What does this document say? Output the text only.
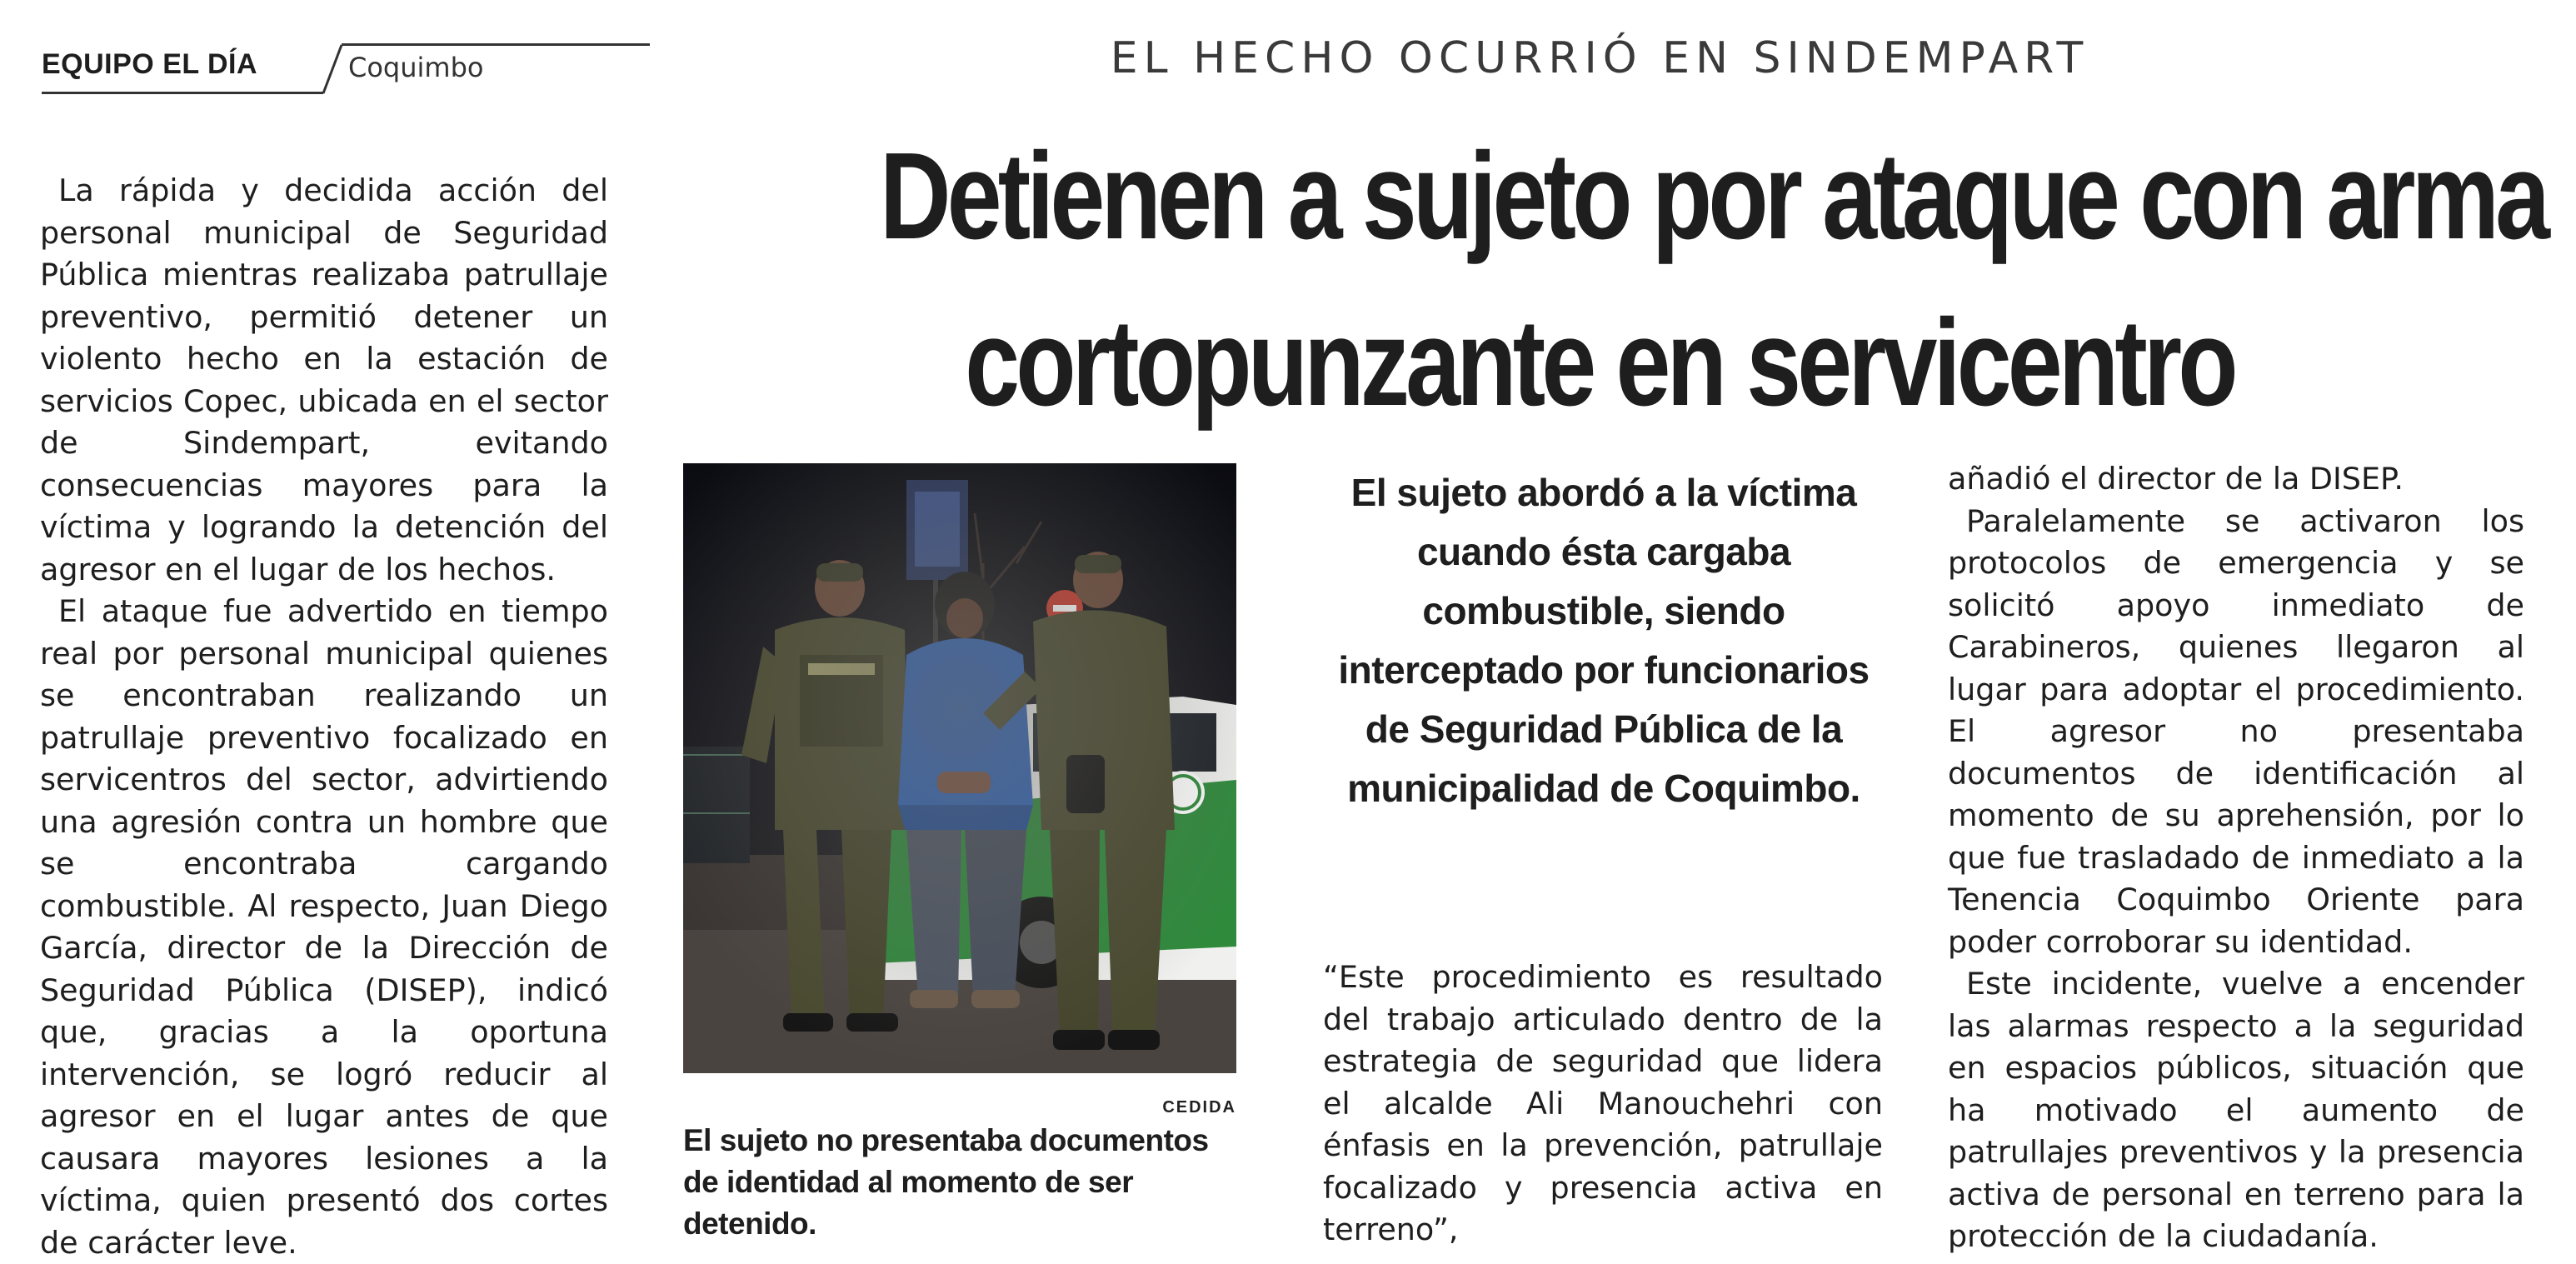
EQUIPO EL DÍA	Coquimbo	EL HECHO OCURRIÓ EN SINDEMPART
Detienen a sujeto por ataque con arma
cortopunzante en servicentro

La rápida y decidida acción del personal municipal de Seguridad Pública mientras realizaba patrullaje preventivo, permitió detener un violento hecho en la estación de servicios Copec, ubicada en el sector de Sindempart, evitando consecuencias mayores para la víctima y logrando la detención del agresor en el lugar de los hechos.

El ataque fue advertido en tiempo real por personal municipal quienes se encontraban realizando un patrullaje preventivo focalizado en servicentros del sector, advirtiendo una agresión contra un hombre que se encontraba cargando combustible. Al respecto, Juan Diego García, director de la Dirección de Seguridad Pública (DISEP), indicó que, gracias a la oportuna intervención, se logró reducir al agresor en el lugar antes de que causara mayores lesiones a la víctima, quien presentó dos cortes de carácter leve.

CEDIDA
El sujeto no presentaba documentos de identidad al momento de ser detenido.
El sujeto abordó a la víctima cuando ésta cargaba combustible, siendo interceptado por funcionarios de Seguridad Pública de la municipalidad de Coquimbo.

“Este procedimiento es resultado del trabajo articulado dentro de la estrategia de seguridad que lidera el alcalde Ali Manouchehri con énfasis en la prevención, patrullaje focalizado y presencia activa en terreno”,

añadió el director de la DISEP.

Paralelamente se activaron los protocolos de emergencia y se solicitó apoyo inmediato de Carabineros, quienes llegaron al lugar para adoptar el procedimiento. El agresor no presentaba documentos de identificación al momento de su aprehensión, por lo que fue trasladado de inmediato a la Tenencia Coquimbo Oriente para poder corroborar su identidad.

Este incidente, vuelve a encender las alarmas respecto a la seguridad en espacios públicos, situación que ha motivado el aumento de patrullajes preventivos y la presencia activa de personal en terreno para la protección de la ciudadanía.
